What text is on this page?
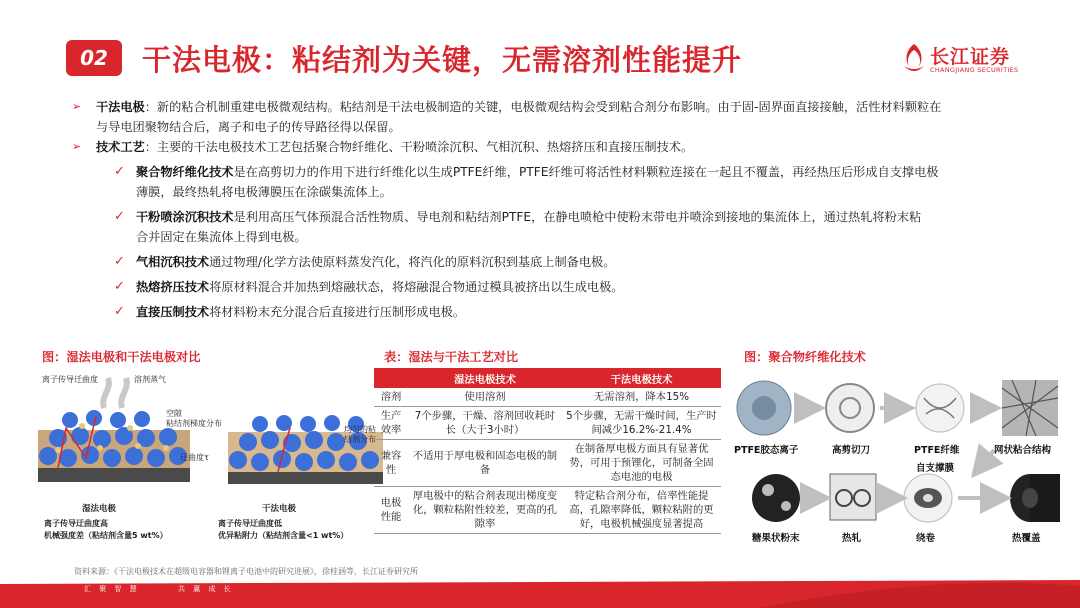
02	干法电极：粘结剂为关键，无需溶剂性能提升	长江证券
CHANGJIANG SECURITIES
➢ 干法电极：新的粘合机制重建电极微观结构。粘结剂是干法电极制造的关键，电极微观结构会受到粘合剂分布影响。由于固-固界面直接接触，活性材料颗粒在
与导电团聚物结合后，离子和电子的传导路径得以保留。
➢ 技术工艺：主要的干法电极技术工艺包括聚合物纤维化、干粉喷涂沉积、气相沉积、热熔挤压和直接压制技术。
✓ 聚合物纤维化技术是在高剪切力的作用下进行纤维化以生成PTFE纤维，PTFE纤维可将活性材料颗粒连接在一起且不覆盖，再经热压后形成自支撑电极
薄膜，最终热轧将电极薄膜压在涂碳集流体上。
✓ 干粉喷涂沉积技术是利用高压气体预混合活性物质、导电剂和粘结剂PTFE，在静电喷枪中使粉末带电并喷涂到接地的集流体上，通过热轧将粉末粘
合并固定在集流体上得到电极。
✓ 气相沉积技术通过物理/化学方法使原料蒸发汽化，将汽化的原料沉积到基底上制备电极。
✓ 热熔挤压技术将原材料混合并加热到熔融状态，将熔融混合物通过模具被挤出以生成电极。
✓ 直接压制技术将材料粉末充分混合后直接进行压制形成电极。
图：湿法电极和干法电极对比	表：湿法与干法工艺对比	图：聚合物纤维化技术
离子传导迁曲度	溶剂蒸气
空隙
粘结剂梯度分布
迂曲度τ
均匀的粘
结剂分布
湿法电极
离子传导迂曲度高
机械强度差（粘结剂含量5 wt%）
干法电极
离子传导迂曲度低
优异粘附力（粘结剂含量<1 wt%）
	湿法电极技术	干法电极技术
溶剂	使用溶剂	无需溶剂，降本15%
生产效率	7个步骤，干燥、溶剂回收耗时长（大于3小时）	5个步骤，无需干燥时间，生产时间减少16.2%-21.4%
兼容性	不适用于厚电极和固态电极的制备	在制备厚电极方面具有显著优势，可用于预锂化，可制备全固态电池的电极
电极性能	厚电极中的粘合剂表现出梯度变化，颗粒粘附性较差，更高的孔隙率	特定粘合剂分布，倍率性能提高，孔隙率降低，颗粒粘附的更好，电极机械强度显著提高
PTFE胶态离子	高剪切刀	PTFE纤维	网状粘合结构
自支撑膜
糖果状粉末	热轧	绕卷	热覆盖
资料来源：《干法电极技术在超级电容器和锂离子电池中的研究进展》，徐桂涵等，长江证券研究所
汇 聚 智 慧	共 赢 成 长
